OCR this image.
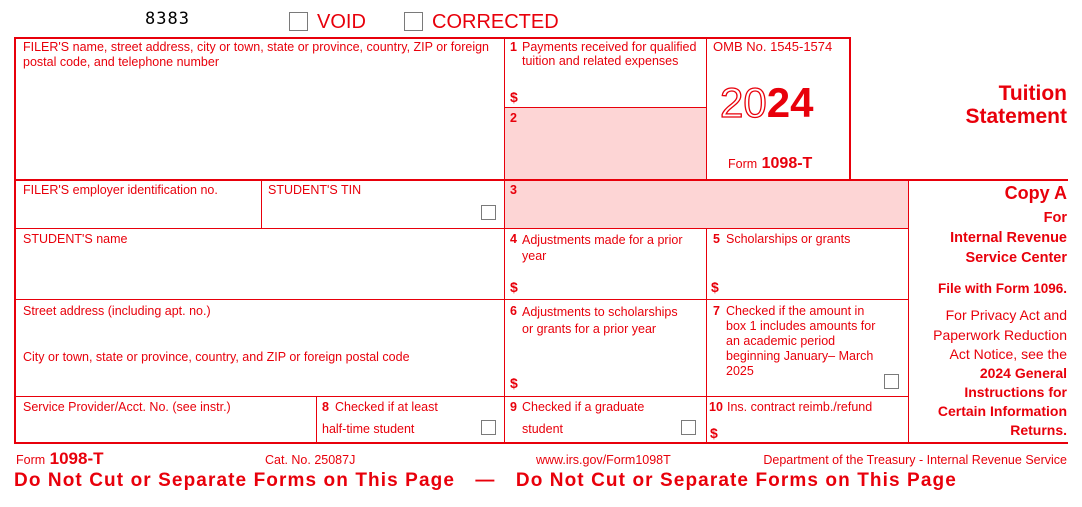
8383	VOID	CORRECTED
FILER'S name, street address, city or town, state or province, country, ZIP or foreign postal code, and telephone number
1 Payments received for qualified tuition and related expenses
$
2
OMB No. 1545-1574
2024
Form 1098-T
Tuition
Statement
FILER'S employer identification no.	STUDENT'S TIN	3	Copy A
For
Internal Revenue
Service Center
File with Form 1096.
For Privacy Act and
Paperwork Reduction
Act Notice, see the
2024 General
Instructions for
Certain Information
Returns.
STUDENT'S name	4 Adjustments made for a prior year
$
5 Scholarships or grants
$
Street address (including apt. no.)
City or town, state or province, country, and ZIP or foreign postal code
6 Adjustments to scholarships or grants for a prior year
$
7 Checked if the amount in box 1 includes amounts for an academic period beginning January– March 2025
Service Provider/Acct. No. (see instr.)	8 Checked if at least
half-time student
9 Checked if a graduate
student
10 Ins. contract reimb./refund
$
Form 1098-T	Cat. No. 25087J	www.irs.gov/Form1098T	Department of the Treasury - Internal Revenue Service
Do Not Cut or Separate Forms on This Page — Do Not Cut or Separate Forms on This Page
